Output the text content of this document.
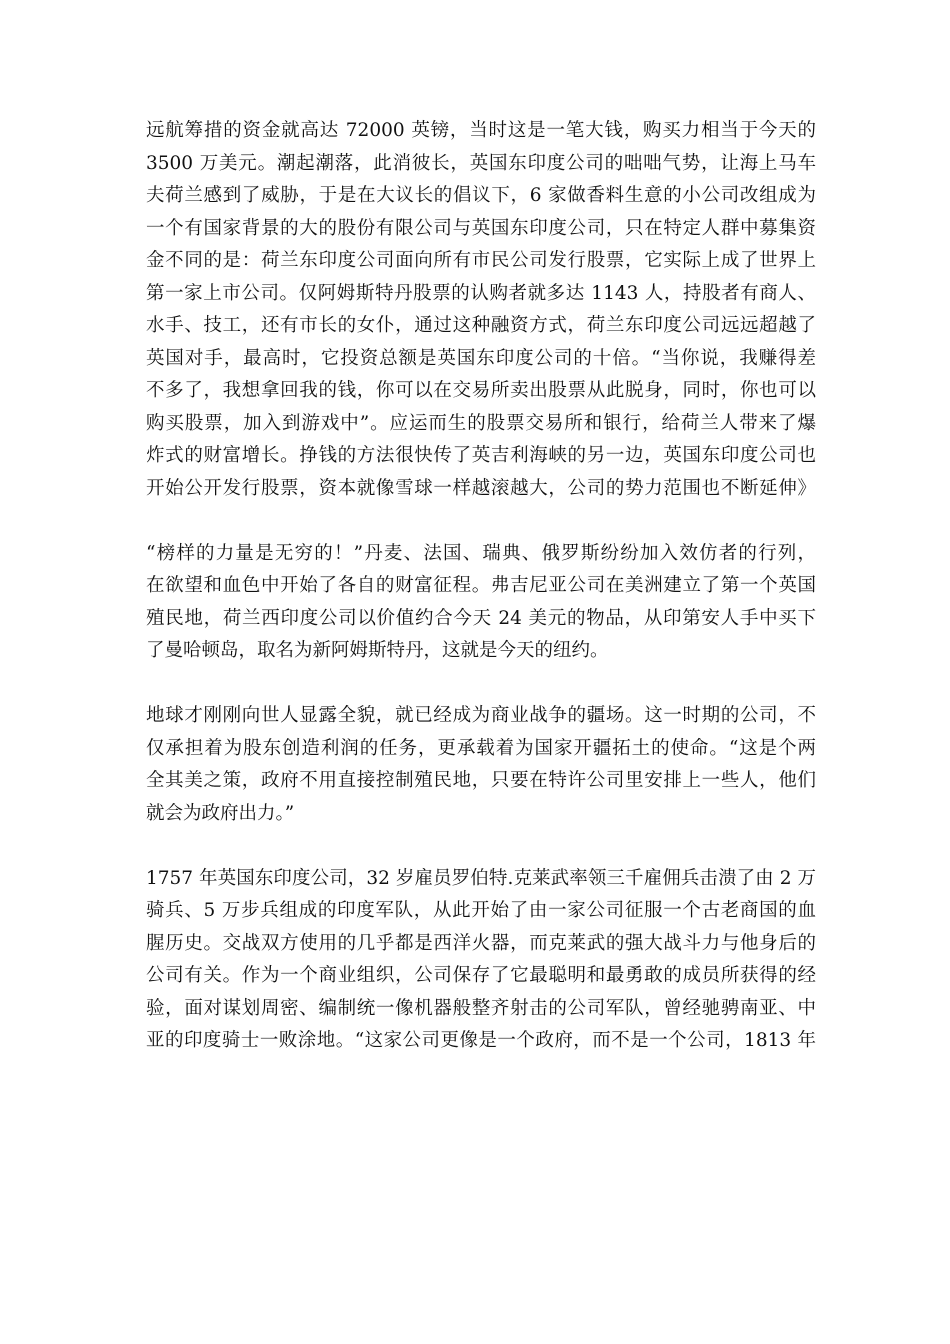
远航筹措的资金就高达 72000 英镑，当时这是一笔大钱，购买力相当于今天的
3500 万美元。潮起潮落，此消彼长，英国东印度公司的咄咄气势，让海上马车
夫荷兰感到了威胁，于是在大议长的倡议下，6 家做香料生意的小公司改组成为
一个有国家背景的大的股份有限公司与英国东印度公司，只在特定人群中募集资
金不同的是：荷兰东印度公司面向所有市民公司发行股票，它实际上成了世界上
第一家上市公司。仅阿姆斯特丹股票的认购者就多达 1143 人，持股者有商人、
水手、技工，还有市长的女仆，通过这种融资方式，荷兰东印度公司远远超越了
英国对手，最高时，它投资总额是英国东印度公司的十倍。“当你说，我赚得差
不多了，我想拿回我的钱，你可以在交易所卖出股票从此脱身，同时，你也可以
购买股票，加入到游戏中”。应运而生的股票交易所和银行，给荷兰人带来了爆
炸式的财富增长。挣钱的方法很快传了英吉利海峡的另一边，英国东印度公司也
开始公开发行股票，资本就像雪球一样越滚越大，公司的势力范围也不断延伸》
“榜样的力量是无穷的！”丹麦、法国、瑞典、俄罗斯纷纷加入效仿者的行列，
在欲望和血色中开始了各自的财富征程。弗吉尼亚公司在美洲建立了第一个英国
殖民地，荷兰西印度公司以价值约合今天 24 美元的物品，从印第安人手中买下
了曼哈顿岛，取名为新阿姆斯特丹，这就是今天的纽约。
地球才刚刚向世人显露全貌，就已经成为商业战争的疆场。这一时期的公司，不
仅承担着为股东创造利润的任务，更承载着为国家开疆拓土的使命。“这是个两
全其美之策，政府不用直接控制殖民地，只要在特许公司里安排上一些人，他们
就会为政府出力。”
1757 年英国东印度公司，32 岁雇员罗伯特.克莱武率领三千雇佣兵击溃了由 2 万
骑兵、5 万步兵组成的印度军队，从此开始了由一家公司征服一个古老商国的血
腥历史。交战双方使用的几乎都是西洋火器，而克莱武的强大战斗力与他身后的
公司有关。作为一个商业组织，公司保存了它最聪明和最勇敢的成员所获得的经
验，面对谋划周密、编制统一像机器般整齐射击的公司军队，曾经驰骋南亚、中
亚的印度骑士一败涂地。“这家公司更像是一个政府，而不是一个公司，1813 年
